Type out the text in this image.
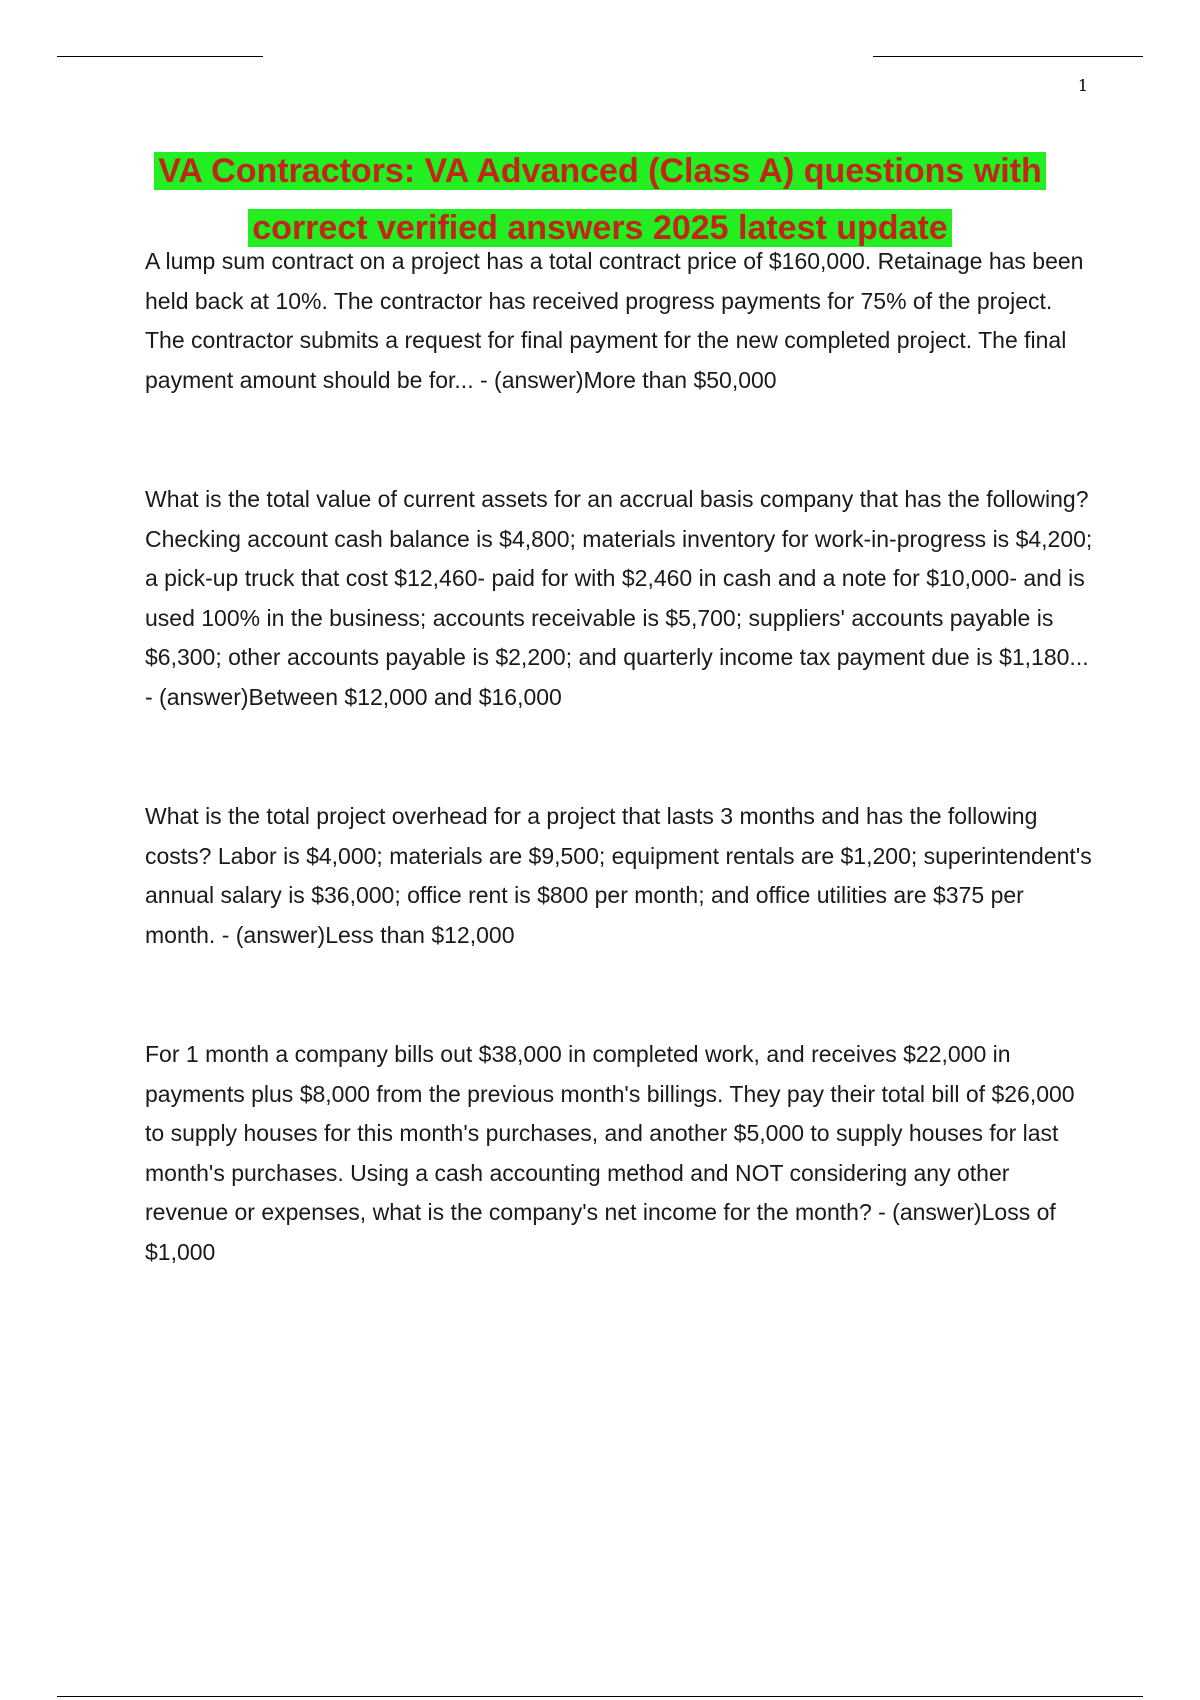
1
VA Contractors: VA Advanced (Class A) questions with correct verified answers 2025 latest update

A lump sum contract on a project has a total contract price of $160,000. Retainage has been held back at 10%. The contractor has received progress payments for 75% of the project. The contractor submits a request for final payment for the new completed project. The final payment amount should be for... - (answer)More than $50,000

What is the total value of current assets for an accrual basis company that has the following? Checking account cash balance is $4,800; materials inventory for work-in-progress is $4,200; a pick-up truck that cost $12,460- paid for with $2,460 in cash and a note for $10,000- and is used 100% in the business; accounts receivable is $5,700; suppliers' accounts payable is $6,300; other accounts payable is $2,200; and quarterly income tax payment due is $1,180... - (answer)Between $12,000 and $16,000

What is the total project overhead for a project that lasts 3 months and has the following costs? Labor is $4,000; materials are $9,500; equipment rentals are $1,200; superintendent's annual salary is $36,000; office rent is $800 per month; and office utilities are $375 per month. - (answer)Less than $12,000

For 1 month a company bills out $38,000 in completed work, and receives $22,000 in payments plus $8,000 from the previous month's billings. They pay their total bill of $26,000 to supply houses for this month's purchases, and another $5,000 to supply houses for last month's purchases. Using a cash accounting method and NOT considering any other revenue or expenses, what is the company's net income for the month? - (answer)Loss of $1,000
